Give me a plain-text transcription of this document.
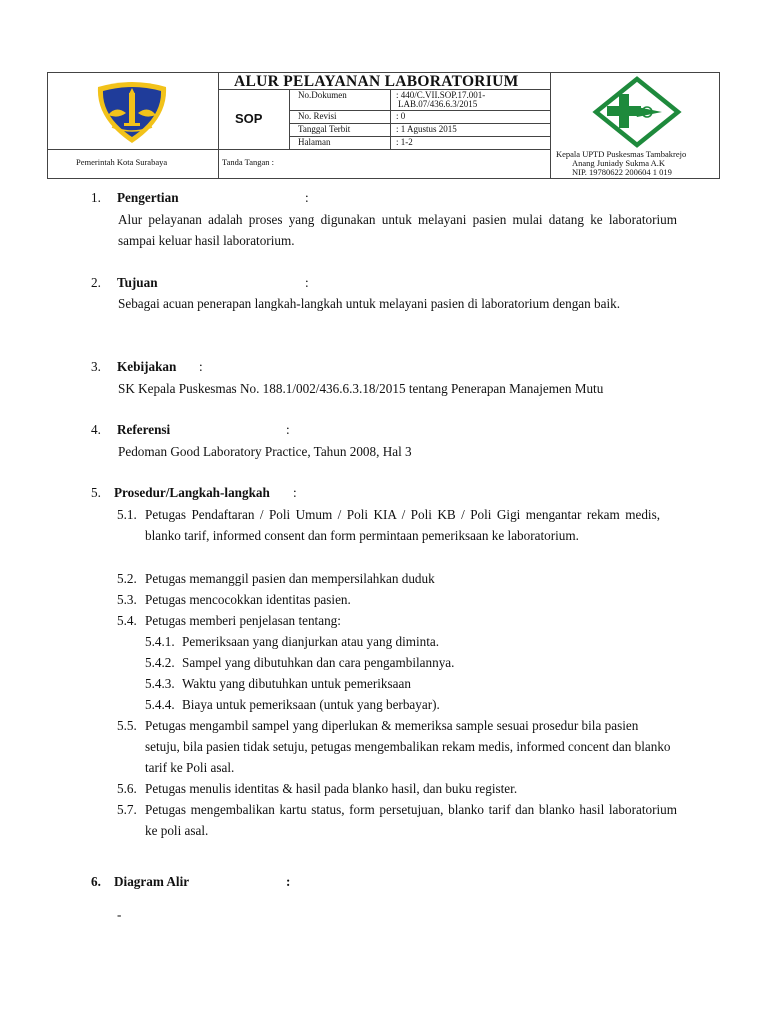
ALUR PELAYANAN LABORATORIUM
SOP
No.Dokumen	: 440/C.VII.SOP.17.001-
LAB.07/436.6.3/2015
No. Revisi	: 0
Tanggal Terbit	: 1 Agustus 2015
Halaman	: 1-2
Pemerintah Kota Surabaya	Tanda Tangan :
Kepala UPTD Puskesmas Tambakrejo
Anang Juniady Sukma A.K
NIP. 19780622 200604 1 019
1. Pengertian	:
Alur pelayanan adalah proses yang digunakan untuk melayani pasien mulai datang ke laboratorium sampai keluar hasil laboratorium.
2. Tujuan	:
Sebagai acuan penerapan langkah-langkah untuk melayani pasien di laboratorium dengan baik.
3. Kebijakan :
SK Kepala Puskesmas No. 188.1/002/436.6.3.18/2015 tentang Penerapan Manajemen Mutu
4. Referensi	:
Pedoman Good Laboratory Practice, Tahun 2008, Hal 3
5. Prosedur/Langkah-langkah :
5.1. Petugas Pendaftaran / Poli Umum / Poli KIA / Poli KB / Poli Gigi mengantar rekam medis, blanko tarif, informed consent dan form permintaan pemeriksaan ke laboratorium.
5.2. Petugas memanggil pasien dan mempersilahkan duduk
5.3. Petugas mencocokkan identitas pasien.
5.4. Petugas memberi penjelasan tentang:
5.4.1. Pemeriksaan yang dianjurkan atau yang diminta.
5.4.2. Sampel yang dibutuhkan dan cara pengambilannya.
5.4.3. Waktu yang dibutuhkan untuk pemeriksaan
5.4.4. Biaya untuk pemeriksaan (untuk yang berbayar).
5.5. Petugas mengambil sampel yang diperlukan & memeriksa sample sesuai prosedur bila pasien setuju, bila pasien tidak setuju, petugas mengembalikan rekam medis, informed concent dan blanko tarif ke Poli asal.
5.6. Petugas menulis identitas & hasil pada blanko hasil, dan buku register.
5.7. Petugas mengembalikan kartu status, form persetujuan, blanko tarif dan blanko hasil laboratorium ke poli asal.
6. Diagram Alir	:
-
